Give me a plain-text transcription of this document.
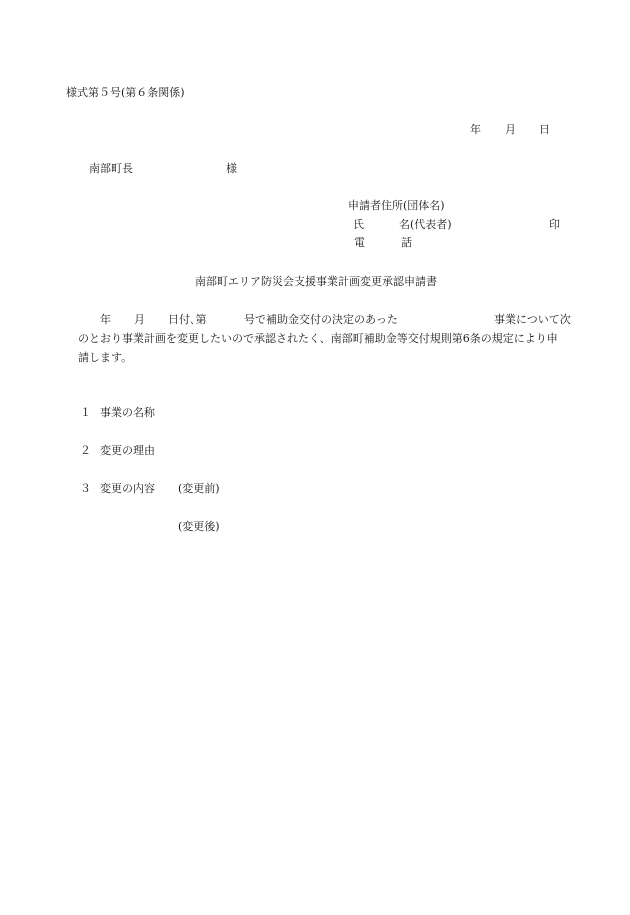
様式第５号(第６条関係)
年 月 日
南部町長	様
申請者住所(団体名)
氏	名(代表者)	印
電	話
南部町エリア防災会支援事業計画変更承認申請書
年 月 日付､第	号で補助金交付の決定のあった	事業について次
のとおり事業計画を変更したいので承認されたく、南部町補助金等交付規則第6条の規定により申
請します。
１ 事業の名称
２ 変更の理由
３ 変更の内容 (変更前)
(変更後)
